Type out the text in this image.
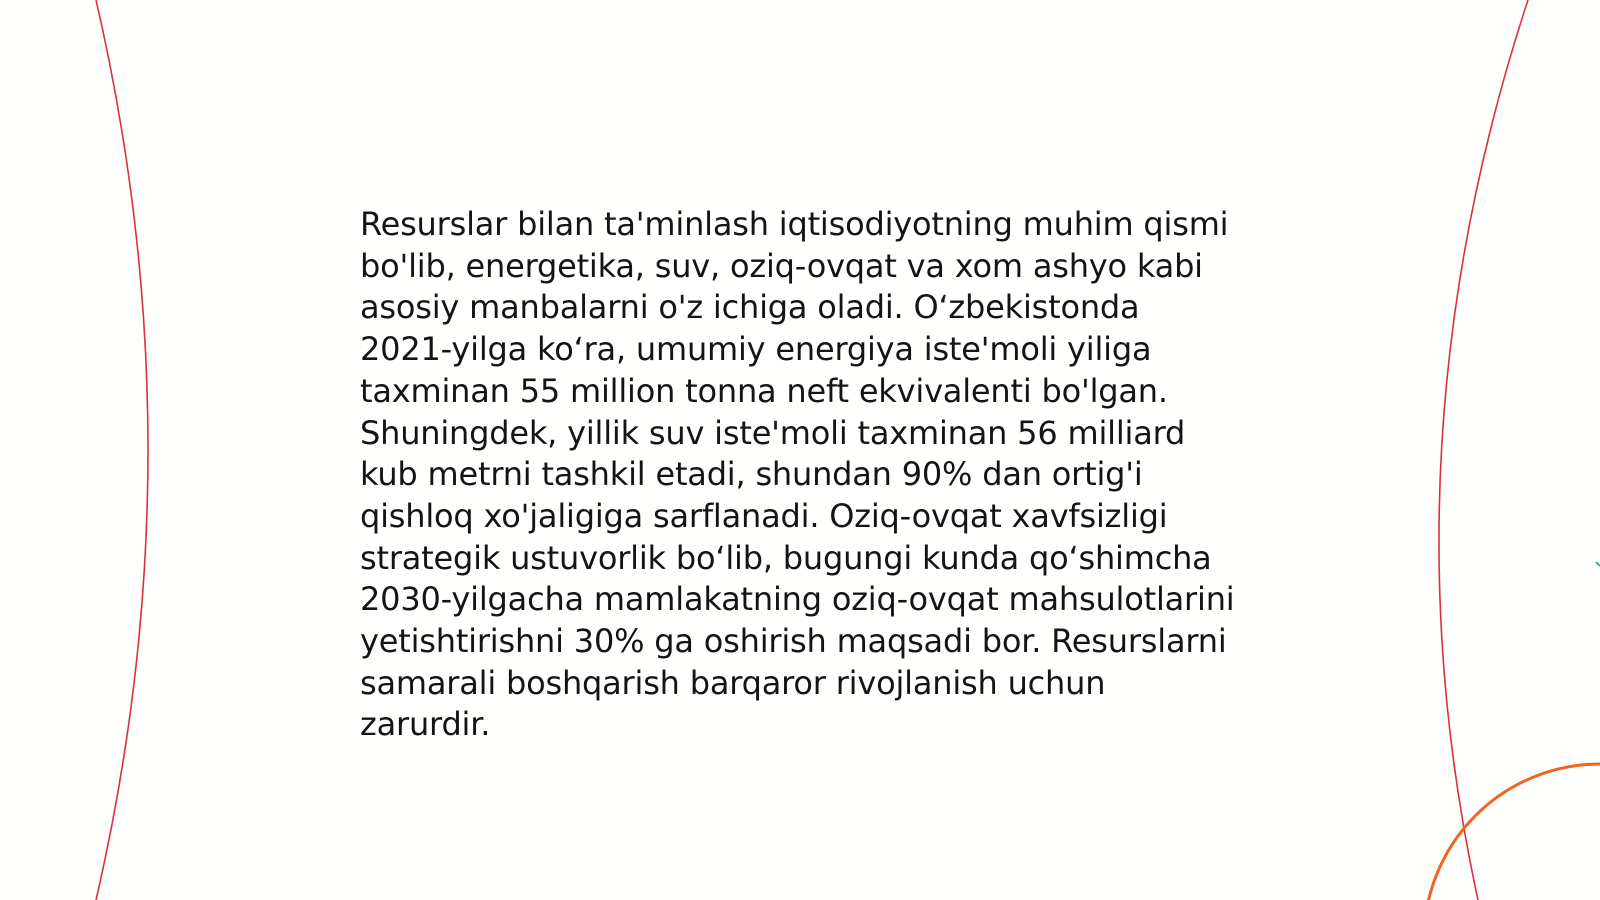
Resurslar bilan ta'minlash iqtisodiyotning muhim qismi bo'lib, energetika, suv, oziq-ovqat va xom ashyo kabi asosiy manbalarni o'z ichiga oladi. O‘zbekistonda 2021-yilga ko‘ra, umumiy energiya iste'moli yiliga taxminan 55 million tonna neft ekvivalenti bo'lgan. Shuningdek, yillik suv iste'moli taxminan 56 milliard kub metrni tashkil etadi, shundan 90% dan ortig'i qishloq xo'jaligiga sarflanadi. Oziq-ovqat xavfsizligi strategik ustuvorlik bo‘lib, bugungi kunda qo‘shimcha 2030-yilgacha mamlakatning oziq-ovqat mahsulotlarini yetishtirishni 30% ga oshirish maqsadi bor. Resurslarni samarali boshqarish barqaror rivojlanish uchun zarurdir.
